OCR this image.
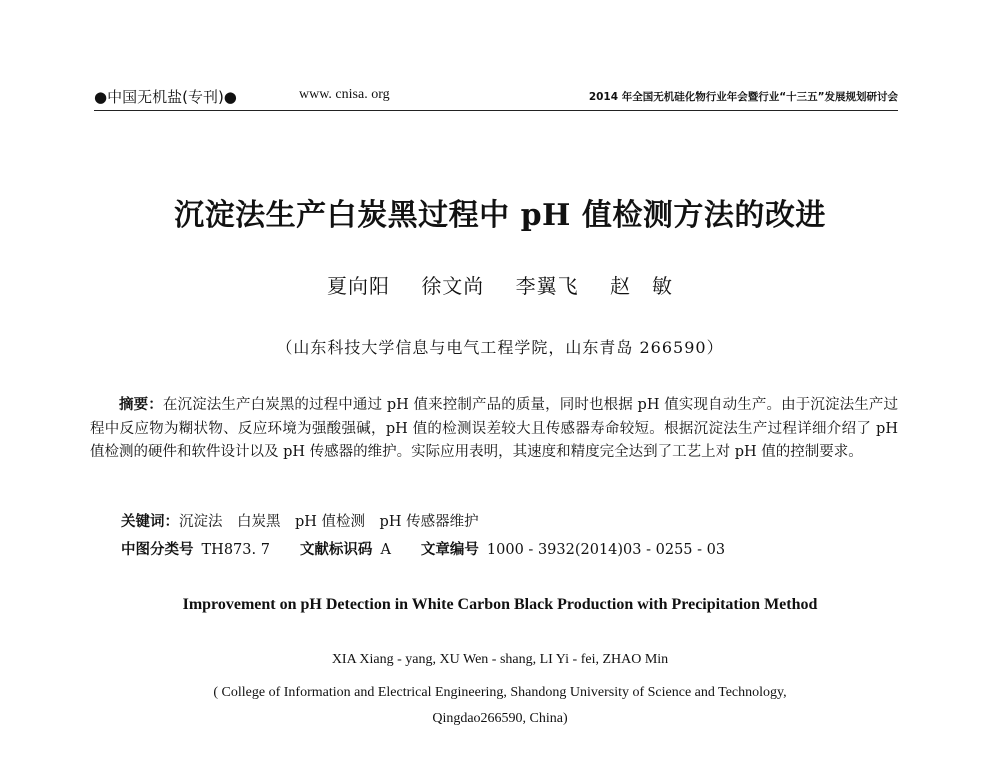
●中国无机盐(专刊)●	www. cnisa. org	2014 年全国无机硅化物行业年会暨行业“十三五”发展规划研讨会
沉淀法生产白炭黑过程中 pH 值检测方法的改进
夏向阳 徐文尚 李翼飞 赵　敏
（山东科技大学信息与电气工程学院，山东青岛 266590）

摘要：在沉淀法生产白炭黑的过程中通过 pH 值来控制产品的质量，同时也根据 pH 值实现自动生产。由于沉淀法生产过程中反应物为糊状物、反应环境为强酸强碱，pH 值的检测误差较大且传感器寿命较短。根据沉淀法生产过程详细介绍了 pH 值检测的硬件和软件设计以及 pH 传感器的维护。实际应用表明，其速度和精度完全达到了工艺上对 pH 值的控制要求。

关键词：沉淀法　白炭黑　pH 值检测　pH 传感器维护
中图分类号 TH873. 7 文献标识码 A 文章编号 1000 - 3932(2014)03 - 0255 - 03
Improvement on pH Detection in White Carbon Black Production with Precipitation Method
XIA Xiang - yang, XU Wen - shang, LI Yi - fei, ZHAO Min
( College of Information and Electrical Engineering, Shandong University of Science and Technology,
Qingdao266590, China)
